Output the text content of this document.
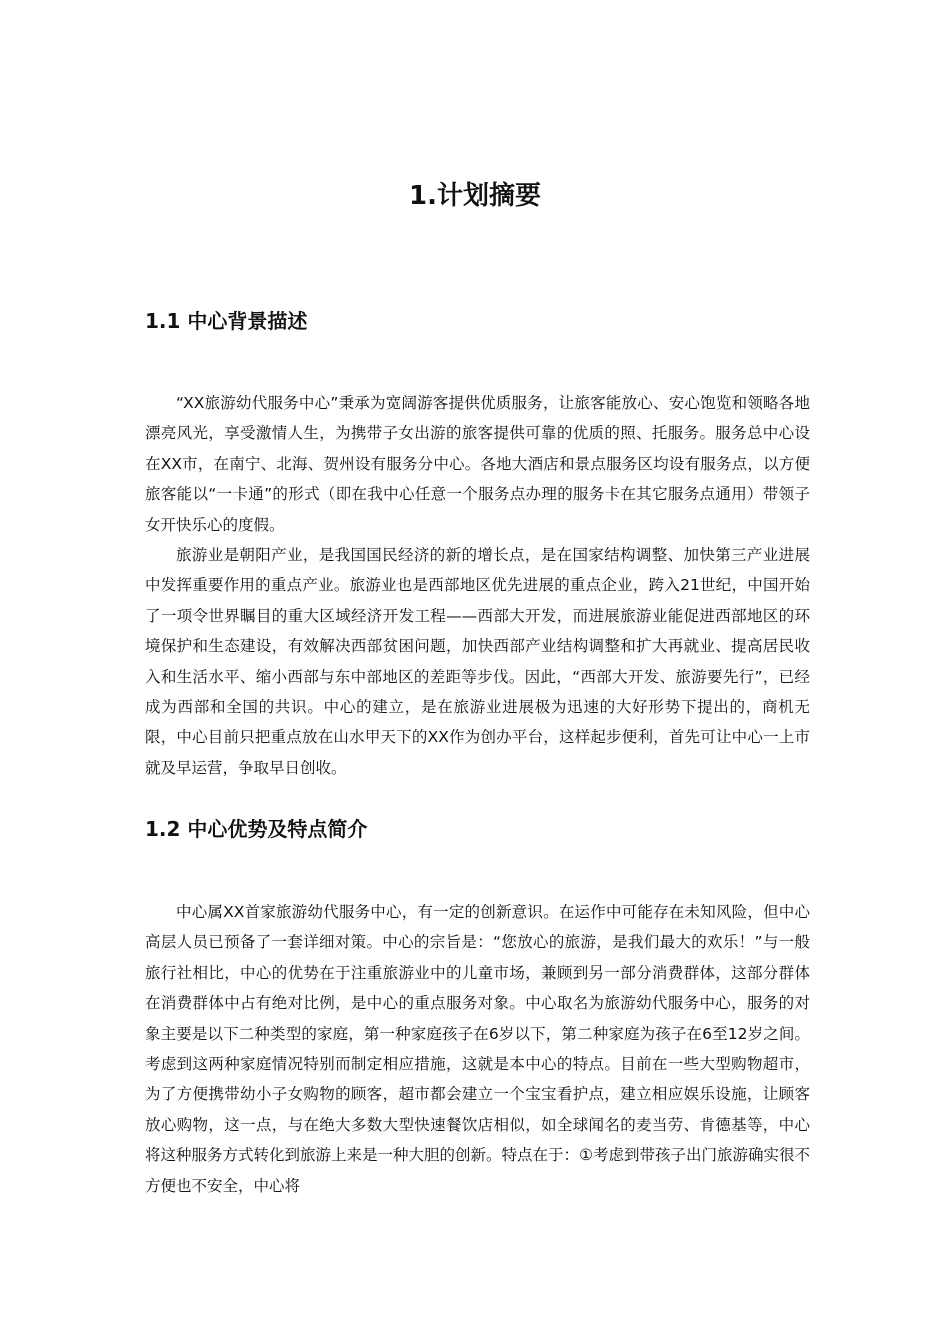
1.计划摘要
1.1 中心背景描述

“XX旅游幼代服务中心”秉承为宽阔游客提供优质服务，让旅客能放心、安心饱览和领略各地漂亮风光，享受激情人生，为携带子女出游的旅客提供可靠的优质的照、托服务。服务总中心设在XX市，在南宁、北海、贺州设有服务分中心。各地大酒店和景点服务区均设有服务点，以方便旅客能以“一卡通”的形式（即在我中心任意一个服务点办理的服务卡在其它服务点通用）带领子女开快乐心的度假。

旅游业是朝阳产业，是我国国民经济的新的增长点，是在国家结构调整、加快第三产业进展中发挥重要作用的重点产业。旅游业也是西部地区优先进展的重点企业，跨入21世纪，中国开始了一项令世界瞩目的重大区域经济开发工程——西部大开发，而进展旅游业能促进西部地区的环境保护和生态建设，有效解决西部贫困问题，加快西部产业结构调整和扩大再就业、提高居民收入和生活水平、缩小西部与东中部地区的差距等步伐。因此，“西部大开发、旅游要先行”，已经成为西部和全国的共识。中心的建立，是在旅游业进展极为迅速的大好形势下提出的，商机无限，中心目前只把重点放在山水甲天下的XX作为创办平台，这样起步便利，首先可让中心一上市就及早运营，争取早日创收。

1.2 中心优势及特点简介

中心属XX首家旅游幼代服务中心，有一定的创新意识。在运作中可能存在未知风险，但中心高层人员已预备了一套详细对策。中心的宗旨是：“您放心的旅游，是我们最大的欢乐！”与一般旅行社相比，中心的优势在于注重旅游业中的儿童市场，兼顾到另一部分消费群体，这部分群体在消费群体中占有绝对比例，是中心的重点服务对象。中心取名为旅游幼代服务中心，服务的对象主要是以下二种类型的家庭，第一种家庭孩子在6岁以下，第二种家庭为孩子在6至12岁之间。考虑到这两种家庭情况特别而制定相应措施，这就是本中心的特点。目前在一些大型购物超市，为了方便携带幼小子女购物的顾客，超市都会建立一个宝宝看护点，建立相应娱乐设施，让顾客放心购物，这一点，与在绝大多数大型快速餐饮店相似，如全球闻名的麦当劳、肯德基等，中心将这种服务方式转化到旅游上来是一种大胆的创新。特点在于：①考虑到带孩子出门旅游确实很不方便也不安全，中心将
